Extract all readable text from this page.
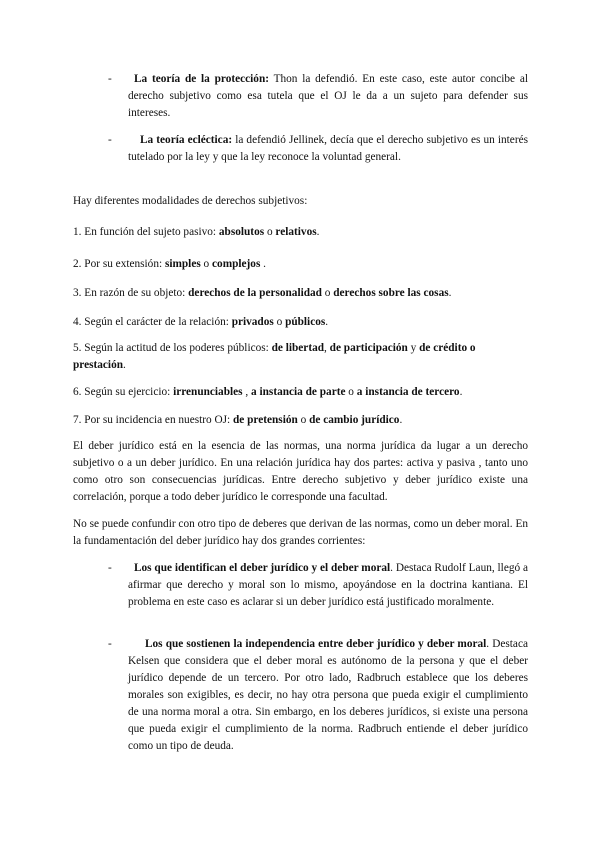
-	La teoría de la protección: Thon la defendió. En este caso, este autor concibe al derecho subjetivo como esa tutela que el OJ le da a un sujeto para defender sus intereses.
-	La teoría ecléctica: la defendió Jellinek, decía que el derecho subjetivo es un interés tutelado por la ley y que la ley reconoce la voluntad general.
Hay diferentes modalidades de derechos subjetivos:
1. En función del sujeto pasivo: absolutos o relativos.
2. Por su extensión: simples o complejos .
3. En razón de su objeto: derechos de la personalidad o derechos sobre las cosas.
4. Según el carácter de la relación: privados o públicos.
5. Según la actitud de los poderes públicos: de libertad, de participación y de crédito o
prestación.
6. Según su ejercicio: irrenunciables , a instancia de parte o a instancia de tercero.
7. Por su incidencia en nuestro OJ: de pretensión o de cambio jurídico.
El deber jurídico está en la esencia de las normas, una norma jurídica da lugar a un derecho subjetivo o a un deber jurídico. En una relación jurídica hay dos partes: activa y pasiva , tanto uno como otro son consecuencias jurídicas. Entre derecho subjetivo y deber jurídico existe una correlación, porque a todo deber jurídico le corresponde una facultad.
No se puede confundir con otro tipo de deberes que derivan de las normas, como un deber moral. En la fundamentación del deber jurídico hay dos grandes corrientes:
-	Los que identifican el deber jurídico y el deber moral. Destaca Rudolf Laun, llegó a afirmar que derecho y moral son lo mismo, apoyándose en la doctrina kantiana. El problema en este caso es aclarar si un deber jurídico está justificado moralmente.
-	Los que sostienen la independencia entre deber jurídico y deber moral. Destaca Kelsen que considera que el deber moral es autónomo de la persona y que el deber jurídico depende de un tercero. Por otro lado, Radbruch establece que los deberes morales son exigibles, es decir, no hay otra persona que pueda exigir el cumplimiento de una norma moral a otra. Sin embargo, en los deberes jurídicos, si existe una persona que pueda exigir el cumplimiento de la norma. Radbruch entiende el deber jurídico como un tipo de deuda.
